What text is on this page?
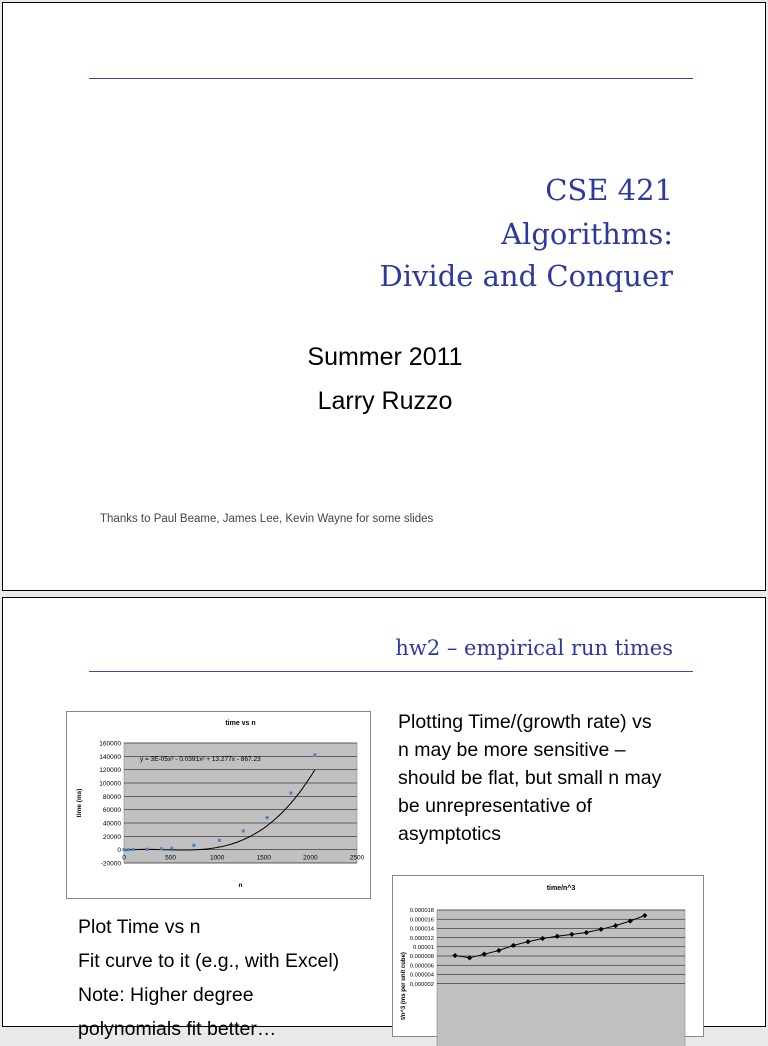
CSE 421
Algorithms:
Divide and Conquer
Summer 2011
Larry Ruzzo
Thanks to Paul Beame, James Lee, Kevin Wayne for some slides
hw2 – empirical run times
time vs n
160000
140000
120000
100000
80000
60000
40000
20000
0
-20000
0	500	1000	1500	2000	2500
n
time (ms)
y = 3E-05x³ - 0.0391x² + 13.277x - 867.23
Plotting Time/(growth rate) vs
n may be more sensitive –
should be flat, but small n may
be unrepresentative of
asymptotics
time/n^3
0.000018
0.000016
0.000014
0.000012
0.00001
0.000008
0.000006
0.000004
0.000002
t/n^3 (ms per unit cube)
Plot Time vs n
Fit curve to it (e.g., with Excel)
Note: Higher degree
polynomials fit better…
